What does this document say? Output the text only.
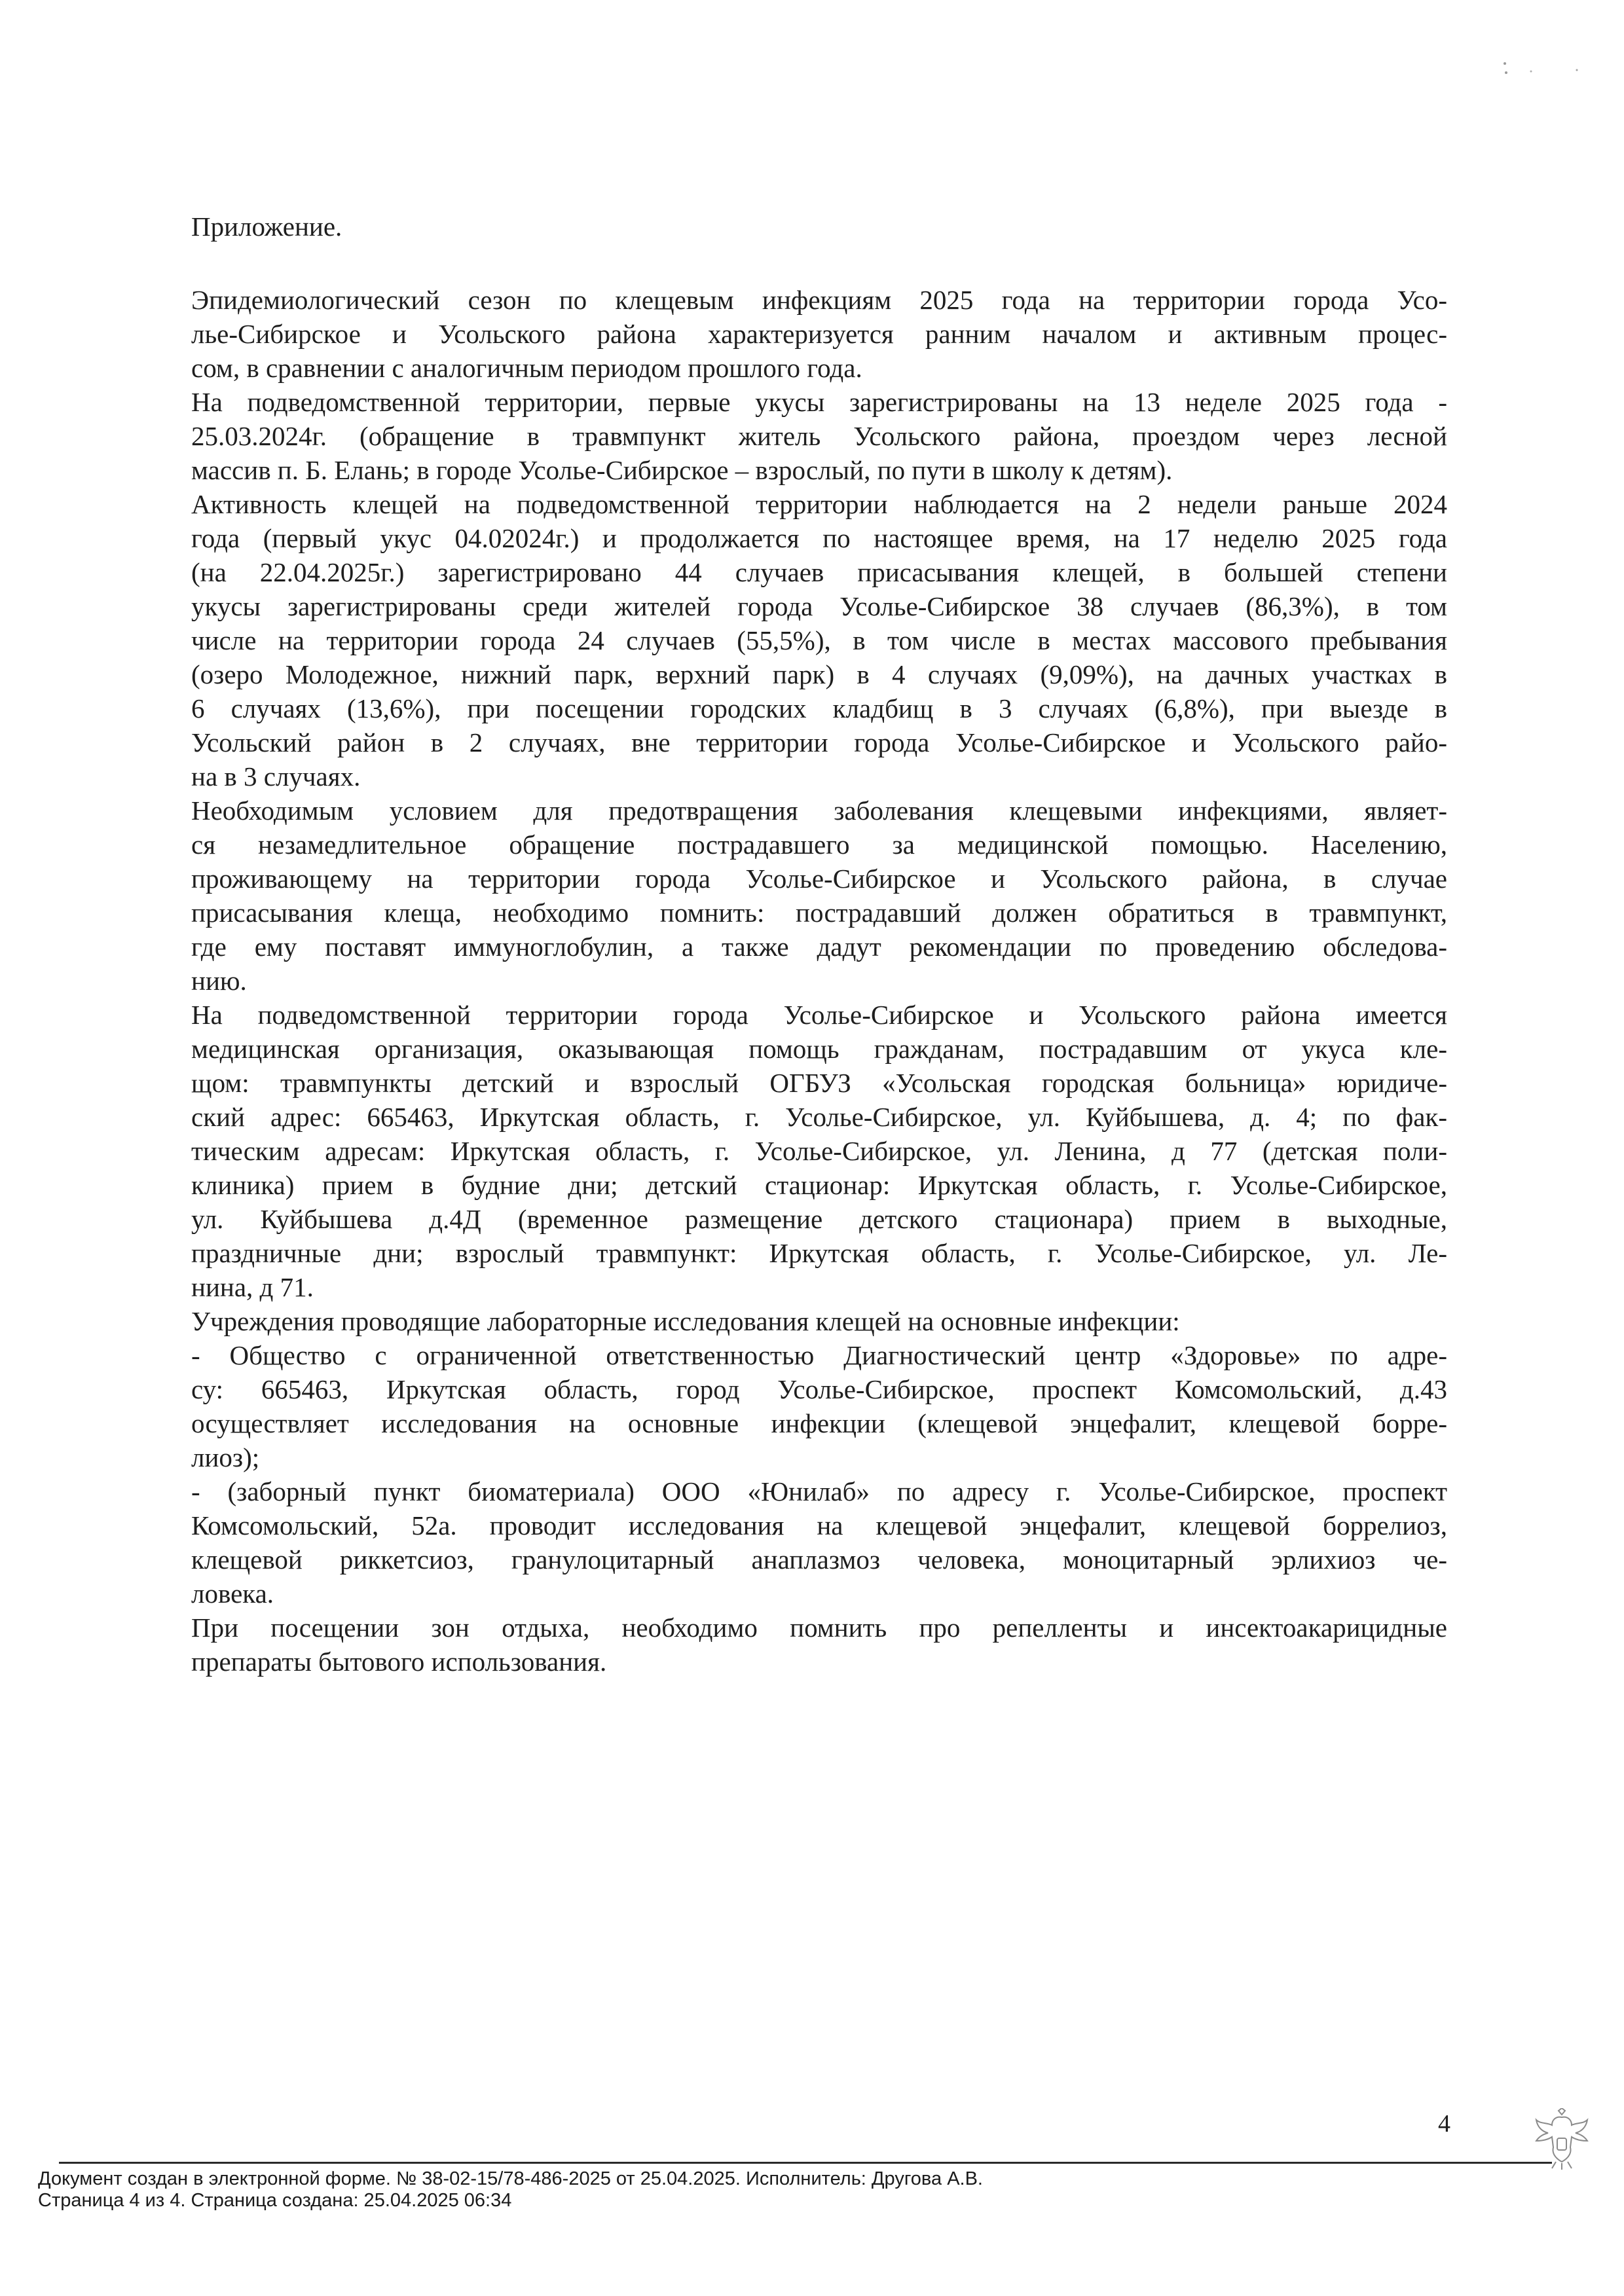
Приложение.
Эпидемиологический сезон по клещевым инфекциям 2025 года на территории города Усо-
лье-Сибирское и Усольского района характеризуется ранним началом и активным процес-
сом, в сравнении с аналогичным периодом прошлого года.
На подведомственной территории, первые укусы зарегистрированы на 13 неделе 2025 года -
25.03.2024г. (обращение в травмпункт житель Усольского района, проездом через лесной
массив п. Б. Елань; в городе Усолье-Сибирское – взрослый, по пути в школу к детям).
Активность клещей на подведомственной территории наблюдается на 2 недели раньше 2024
года (первый укус 04.02024г.) и продолжается по настоящее время, на 17 неделю 2025 года
(на 22.04.2025г.) зарегистрировано 44 случаев присасывания клещей, в большей степени
укусы зарегистрированы среди жителей города Усолье-Сибирское 38 случаев (86,3%), в том
числе на территории города 24 случаев (55,5%), в том числе в местах массового пребывания
(озеро Молодежное, нижний парк, верхний парк) в 4 случаях (9,09%), на дачных участках в
6 случаях (13,6%), при посещении городских кладбищ в 3 случаях (6,8%), при выезде в
Усольский район в 2 случаях, вне территории города Усолье-Сибирское и Усольского райо-
на в 3 случаях.
Необходимым условием для предотвращения заболевания клещевыми инфекциями, являет-
ся незамедлительное обращение пострадавшего за медицинской помощью. Населению,
проживающему на территории города Усолье-Сибирское и Усольского района, в случае
присасывания клеща, необходимо помнить: пострадавший должен обратиться в травмпункт,
где ему поставят иммуноглобулин, а также дадут рекомендации по проведению обследова-
нию.
На подведомственной территории города Усолье-Сибирское и Усольского района имеется
медицинская организация, оказывающая помощь гражданам, пострадавшим от укуса кле-
щом: травмпункты детский и взрослый ОГБУЗ «Усольская городская больница» юридиче-
ский адрес: 665463, Иркутская область, г. Усолье-Сибирское, ул. Куйбышева, д. 4; по фак-
тическим адресам: Иркутская область, г. Усолье-Сибирское, ул. Ленина, д 77 (детская поли-
клиника) прием в будние дни; детский стационар: Иркутская область, г. Усолье-Сибирское,
ул. Куйбышева д.4Д (временное размещение детского стационара) прием в выходные,
праздничные дни; взрослый травмпункт: Иркутская область, г. Усолье-Сибирское, ул. Ле-
нина, д 71.
Учреждения проводящие лабораторные исследования клещей на основные инфекции:
- Общество с ограниченной ответственностью Диагностический центр «Здоровье» по адре-
су: 665463, Иркутская область, город Усолье-Сибирское, проспект Комсомольский, д.43
осуществляет исследования на основные инфекции (клещевой энцефалит, клещевой борре-
лиоз);
- (заборный пункт биоматериала) ООО «Юнилаб» по адресу г. Усолье-Сибирское, проспект
Комсомольский, 52а. проводит исследования на клещевой энцефалит, клещевой боррелиоз,
клещевой риккетсиоз, гранулоцитарный анаплазмоз человека, моноцитарный эрлихиоз че-
ловека.
При посещении зон отдыха, необходимо помнить про репелленты и инсектоакарицидные
препараты бытового использования.
4
Документ создан в электронной форме. № 38-02-15/78-486-2025 от 25.04.2025. Исполнитель: Другова А.В.
Страница 4 из 4. Страница создана: 25.04.2025 06:34
